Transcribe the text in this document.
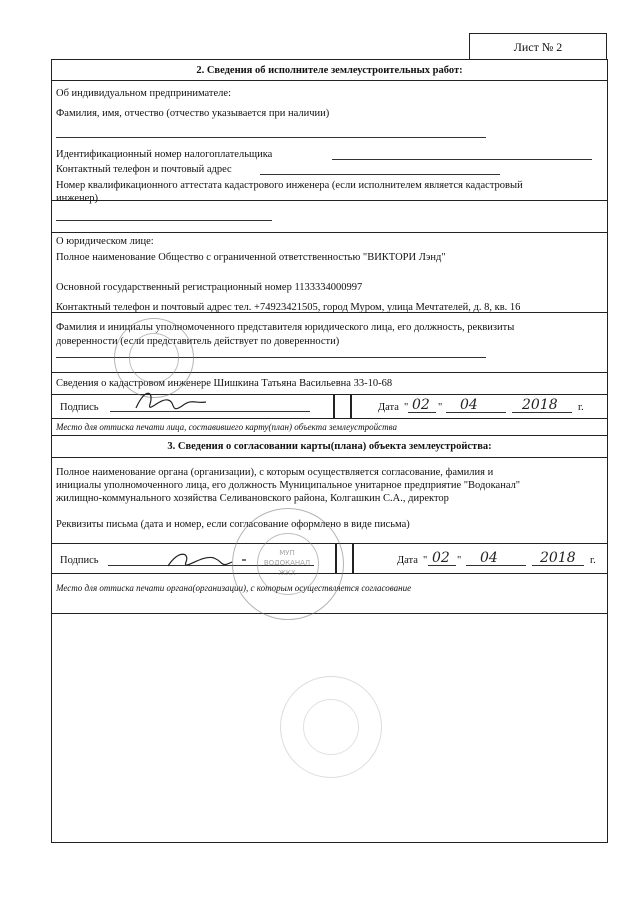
Лист № 2
2. Сведения об исполнителе землеустроительных работ:
Об индивидуальном предпринимателе:
Фамилия, имя, отчество (отчество указывается при наличии)
Идентификационный номер налогоплательщика
Контактный телефон и почтовый адрес
Номер квалификационного аттестата кадастрового инженера (если исполнителем является кадастровый
инженер)
О юридическом лице:
Полное наименование Общество с ограниченной ответственностью "ВИКТОРИ Лэнд"
Основной государственный регистрационный номер 1133334000997
Контактный телефон и почтовый адрес тел. +74923421505, город Муром, улица Мечтателей, д. 8, кв. 16
Фамилия и инициалы уполномоченного представителя юридического лица, его должность, реквизиты
доверенности (если представитель действует по доверенности)
Сведения о кадастровом инженере Шишкина Татьяна Васильевна 33-10-68
Подпись	Дата " 02 " 04	2018 г.
Место для оттиска печати лица, составившего карту(план) объекта землеустройства
3. Сведения о согласовании карты(плана) объекта землеустройства:
Полное наименование органа (организации), с которым осуществляется согласование, фамилия и
инициалы уполномоченного лица, его должность Муниципальное унитарное предприятие "Водоканал"
жилищно-коммунального хозяйства Селивановского района, Колгашкин С.А., директор
Реквизиты письма (дата и номер, если согласование оформлено в виде письма)
Подпись	Дата " 02 " 04	2018 г.
Место для оттиска печати органа(организации), с которым осуществляется согласование
МУП
ВОДОКАНАЛ
ЖКХ
